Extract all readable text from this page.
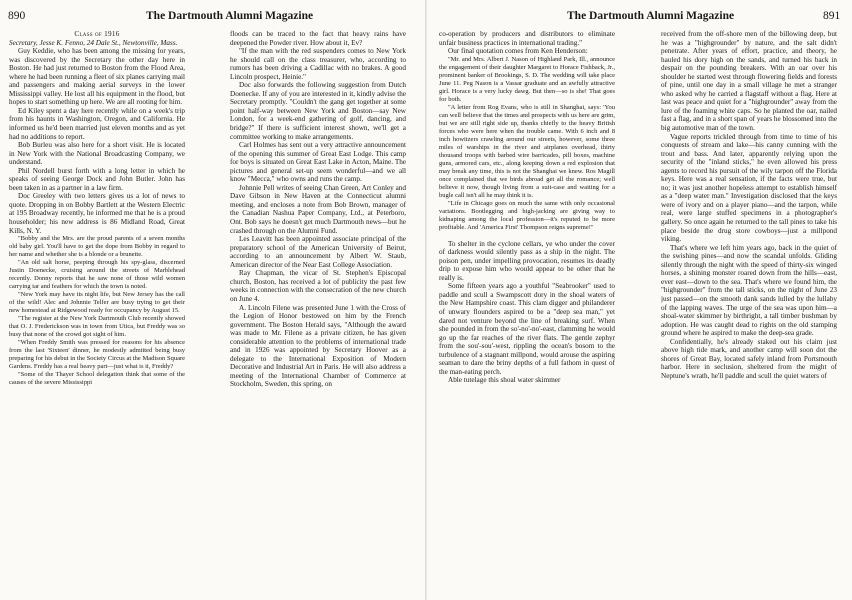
890	The Dartmouth Alumni Magazine

Class of 1916

Secretary, Jesse K. Fenno, 24 Dale St., Newtonville, Mass.

Guy Keddie, who has been among the missing for years, was discovered by the Secretary the other day here in Boston. He had just returned to Boston from the Flood Area, where he had been running a fleet of six planes carrying mail and passengers and making aerial surveys in the lower Mississippi valley. He lost all his equipment in the flood, but hopes to start something up here. We are all rooting for him.

Ed Kiley spent a day here recently while on a week's trip from his haunts in Washington, Oregon, and California. He informed us he'd been married just eleven months and as yet had no additions to report.

Bob Burleu was also here for a short visit. He is located in New York with the National Broadcasting Company, we understand.

Phil Nordell burst forth with a long letter in which he speaks of seeing George Dock and John Butler. John has been taken in as a partner in a law firm.

Doc Greeley with two letters gives us a lot of news to quote. Dropping in on Bobby Bartlett at the Western Electric at 195 Broadway recently, he informed me that he is a proud householder; his new address is 86 Midland Road, Great Kills, N. Y.

"Bobby and the Mrs. are the proud parents of a seven months old baby girl. You'll have to get the dope from Bobby in regard to her name and whether she is a blonde or a brunette.

"An old salt horse, peeping through his spy-glass, discerned Justin Doenecke, cruising around the streets of Marblehead recently. Donny reports that he saw none of those wild women carrying tar and feathers for which the town is noted.

"New York may have its night life, but New Jersey has the call of the wild! Alec and Johnnie Telfer are busy trying to get their new homestead at Ridgewood ready for occupancy by August 15.

"The register at the New York Dartmouth Club recently showed that O. J. Frederickson was in town from Utica, but Freddy was so busy that none of the crowd got sight of him.

"When Freddy Smith was pressed for reasons for his absence from the last 'Sixteen' dinner, he modestly admitted being busy preparing for his debut in the Society Circus at the Madison Square Gardens. Freddy has a real heavy part—just what is it, Freddy?

"Some of the Thayer School delegation think that some of the causes of the severe Mississippi

floods can be traced to the fact that heavy rains have deepened the Powder river. How about it, Ev?

"If the man with the red suspenders comes to New York he should call on the class treasurer, who, according to rumors has been driving a Cadillac with no brakes. A good Lincoln prospect, Heinie."

Doc also forwards the following suggestion from Dutch Doenecke. If any of you are interested in it, kindly advise the Secretary promptly. "Couldn't the gang get together at some point half-way between New York and Boston—say New London, for a week-end gathering of golf, dancing, and bridge?" If there is sufficient interest shown, we'll get a committee working to make arrangements.

Carl Holmes has sent out a very attractive announcement of the opening this summer of Great East Lodge. This camp for boys is situated on Great East Lake in Acton, Maine. The pictures and general set-up seem wonderful—and we all know "Mecca," who owns and runs the camp.

Johnnie Pell writes of seeing Chan Green, Art Conley and Dave Gibson in New Haven at the Connecticut alumni meeting, and encloses a note from Bob Brown, manager of the Canadian Nashua Paper Company, Ltd., at Peterboro, Ont. Bob says he doesn't get much Dartmouth news—but he crashed through on the Alumni Fund.

Les Leavitt has been appointed associate principal of the preparatory school of the American University of Beirut, according to an announcement by Albert W. Staub, American director of the Near East College Association.

Ray Chapman, the vicar of St. Stephen's Episcopal church, Boston, has received a lot of publicity the past few weeks in connection with the consecration of the new church on June 4.

A. Lincoln Filene was presented June 1 with the Cross of the Legion of Honor bestowed on him by the French government. The Boston Herald says, "Although the award was made to Mr. Filene as a private citizen, he has given considerable attention to the problems of international trade and in 1926 was appointed by Secretary Hoover as a delegate to the International Exposition of Modern Decorative and Industrial Art in Paris. He will also address a meeting of the International Chamber of Commerce at Stockholm, Sweden, this spring, on

The Dartmouth Alumni Magazine	891

co-operation by producers and distributors to eliminate unfair business practices in international trading."

Our final quotation comes from Ken Henderson:

"Mr. and Mrs. Albert J. Nason of Highland Park, Ill., announce the engagement of their daughter Margaret to Horace Fishback, Jr., prominent banker of Brookings, S. D. The wedding will take place June 11. Peg Nason is a Vassar graduate and an awfully attractive girl. Horace is a very lucky dawg. But then—so is she! That goes for both.

"A letter from Rog Evans, who is still in Shanghai, says: 'You can well believe that the times and prospects with us here are grim, but we are still right side up, thanks chiefly to the heavy British forces who were here when the trouble came. With 6 inch and 8 inch howitzers crawling around our streets, however, some three miles of warships in the river and airplanes overhead, thirty thousand troops with barbed wire barricades, pill boxes, machine guns, armored cars, etc., along keeping down a red explosion that may break any time, this is not the Shanghai we knew. Ros Magill once complained that we birds abroad get all the romance; well believe it now, though living from a suit-case and waiting for a bugle call isn't all he may think it is.

"Life in Chicago goes on much the same with only occasional variations. Bootlegging and high-jacking are giving way to kidnaping among the local profession—it's reputed to be more profitable. And 'America First' Thompson reigns supreme!"

To shelter in the cyclone cellars, ye who under the cover of darkness would silently pass as a ship in the night. The poison pen, under impelling provocation, resumes its deadly drip to expose him who would appear to be other that he really is.

Some fifteen years ago a youthful "Seabrooker" used to paddle and scull a Swampscott dory in the shoal waters of the New Hampshire coast. This clam digger and philanderer of unwary flounders aspired to be a "deep sea man," yet dared not venture beyond the line of breaking surf. When she pounded in from the so'-no'-no'-east, clamming he would go up the far reaches of the river flats. The gentle zephyr from the sou'-sou'-west, rippling the ocean's bosom to the turbulence of a stagnant millpond, would arouse the aspiring seaman to dare the briny depths of a full fathom in quest of the man-eating perch.

Able tutelage this shoal water skimmer

received from the off-shore men of the billowing deep, but he was a "highgrounder" by nature, and the salt didn't penetrate. After years of effort, practice, and theory, he hauled his dory high on the sands, and turned his back in despair on the pounding breakers. With an oar over his shoulder he started west through flowering fields and forests of pine, until one day in a small village he met a stranger who asked why he carried a flagstaff without a flag. Here at last was peace and quiet for a "highgrounder" away from the lure of the foaming white caps. So he planted the oar, nailed fast a flag, and in a short span of years he blossomed into the big automotive man of the town.

Vague reports trickled through from time to time of his conquests of stream and lake—his canny cunning with the trout and bass. And later, apparently relying upon the security of the "inland sticks," he even allowed his press agents to record his pursuit of the wily tarpon off the Florida keys. Here was a real sensation, if the facts were true, but no; it was just another hopeless attempt to establish himself as a "deep water man." Investigation disclosed that the keys were of ivory and on a player piano—and the tarpon, while real, were large stuffed specimens in a photographer's gallery. So once again he returned to the tall pines to take his place beside the drug store cowboys—just a millpond viking.

That's where we left him years ago, back in the quiet of the swishing pines—and now the scandal unfolds. Gliding silently through the night with the speed of thirty-six winged horses, a shining monster roared down from the hills—east, ever east—down to the sea. That's where we found him, the "highgrounder" from the tall sticks, on the night of June 23 just passed—on the smooth dank sands lulled by the lullaby of the lapping waves. The urge of the sea was upon him—a shoal-water skimmer by birthright, a tall timber bushman by adoption. He was caught dead to rights on the old stamping ground where he aspired to make the deep-sea grade.

Confidentially, he's already staked out his claim just above high tide mark, and another camp will soon dot the shores of Great Bay, located safely inland from Portsmouth harbor. Here in seclusion, sheltered from the might of Neptune's wrath, he'll paddle and scull the quiet waters of
